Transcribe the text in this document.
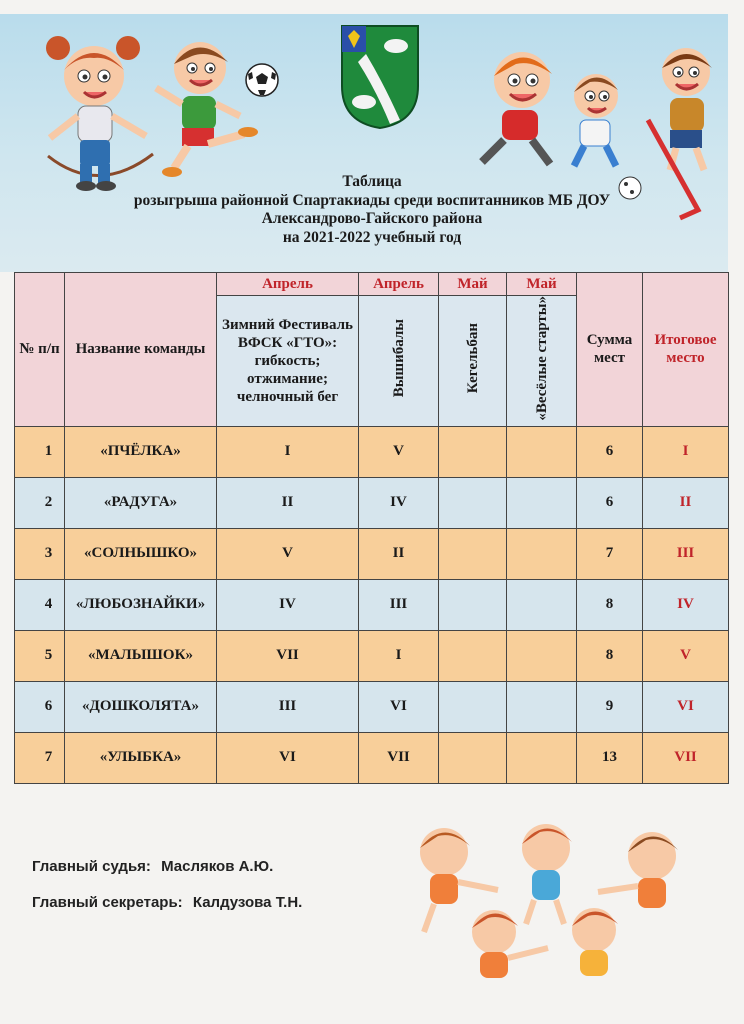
Таблица
розыгрыша районной Спартакиады среди воспитанников МБ ДОУ
Александрово-Гайского района
на 2021-2022 учебный год
№ п/п	Название команды	Апрель	Апрель	Май	Май	Сумма мест	Итоговое место
		Зимний Фестиваль ВФСК «ГТО»: гибкость; отжимание; челночный бег	Вышибалы	Кегельбан	«Весёлые старты»		
1	«ПЧЁЛКА»	I	V			6	I
2	«РАДУГА»	II	IV			6	II
3	«СОЛНЫШКО»	V	II			7	III
4	«ЛЮБОЗНАЙКИ»	IV	III			8	IV
5	«МАЛЫШОК»	VII	I			8	V
6	«ДОШКОЛЯТА»	III	VI			9	VI
7	«УЛЫБКА»	VI	VII			13	VII
Главный судья: Масляков А.Ю.
Главный секретарь: Калдузова Т.Н.
